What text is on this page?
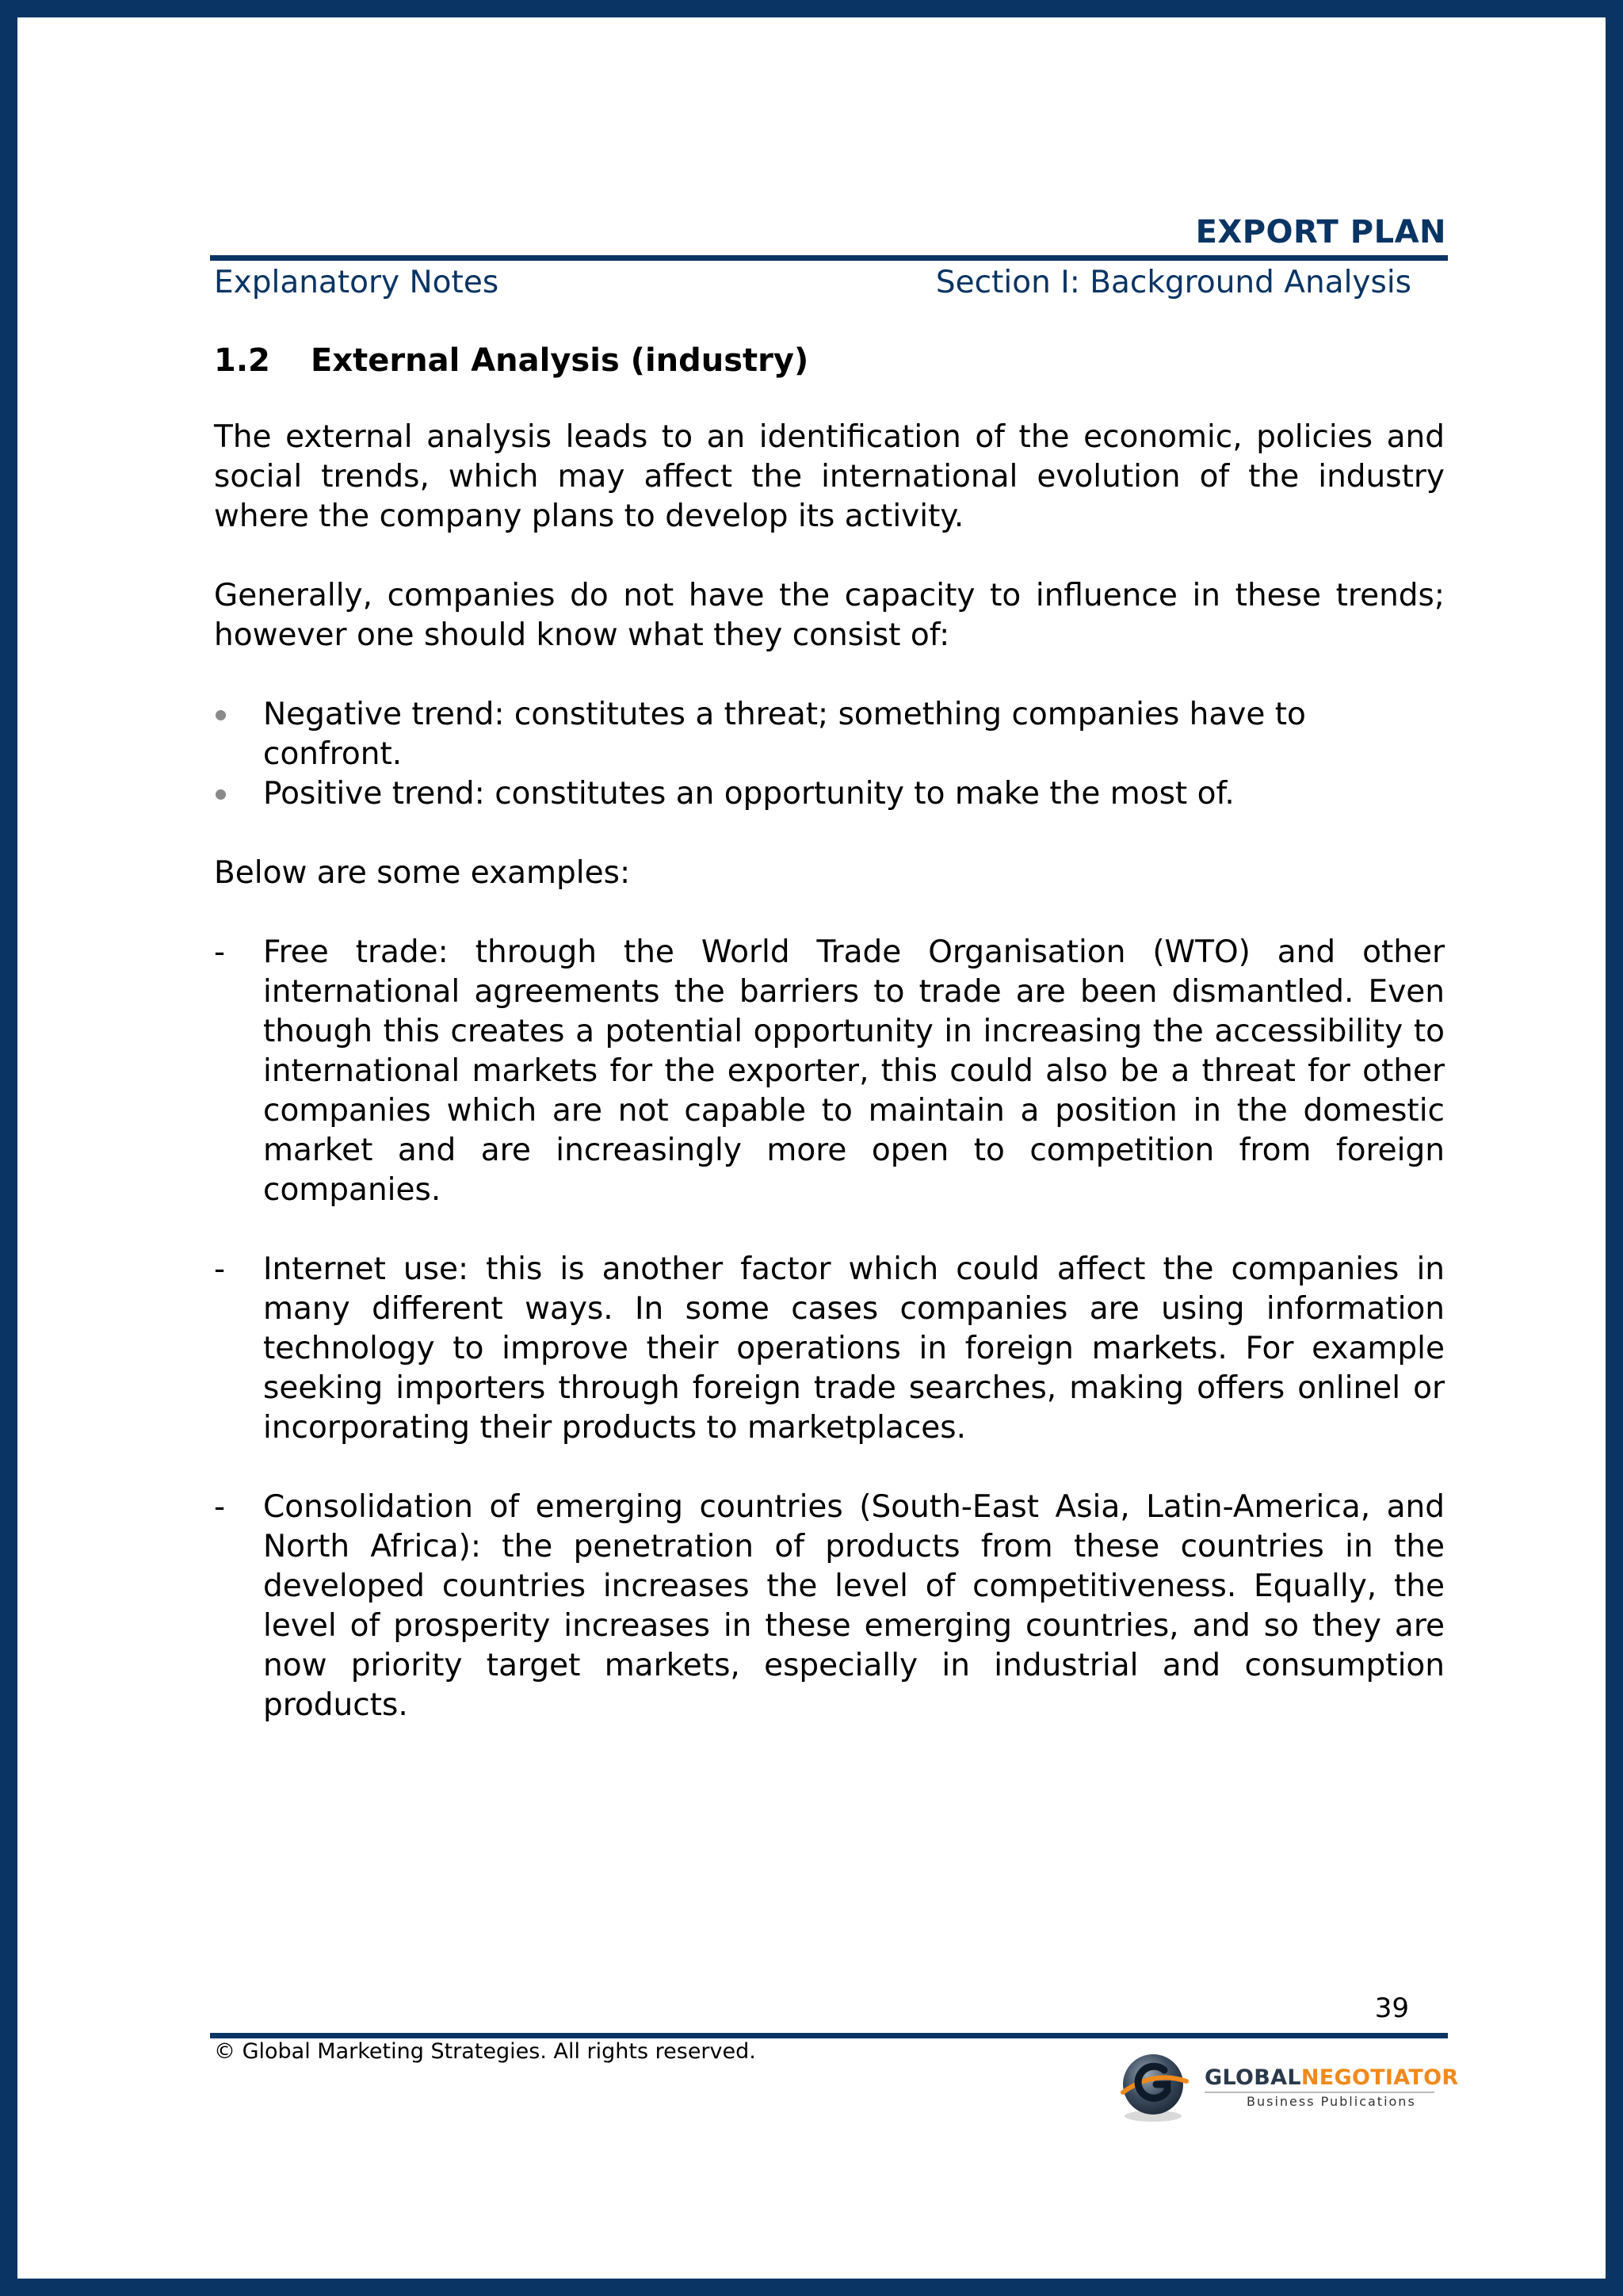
EXPORT PLAN
Explanatory Notes	Section I: Background Analysis
1.2	External Analysis (industry)

The external analysis leads to an identification of the economic, policies and social trends, which may affect the international evolution of the industry where the company plans to develop its activity.

Generally, companies do not have the capacity to influence in these trends; however one should know what they consist of:

Negative trend: constitutes a threat; something companies have to confront.
Positive trend: constitutes an opportunity to make the most of.

Below are some examples:

- Free trade: through the World Trade Organisation (WTO) and other international agreements the barriers to trade are been dismantled. Even though this creates a potential opportunity in increasing the accessibility to international markets for the exporter, this could also be a threat for other companies which are not capable to maintain a position in the domestic market and are increasingly more open to competition from foreign companies.
- Internet use: this is another factor which could affect the companies in many different ways. In some cases companies are using information technology to improve their operations in foreign markets. For example seeking importers through foreign trade searches, making offers onlinel or incorporating their products to marketplaces.
- Consolidation of emerging countries (South-East Asia, Latin-America, and North Africa): the penetration of products from these countries in the developed countries increases the level of competitiveness. Equally, the level of prosperity increases in these emerging countries, and so they are now priority target markets, especially in industrial and consumption products.
39
© Global Marketing Strategies. All rights reserved.
GLOBALNEGOTIATOR
Business Publications
